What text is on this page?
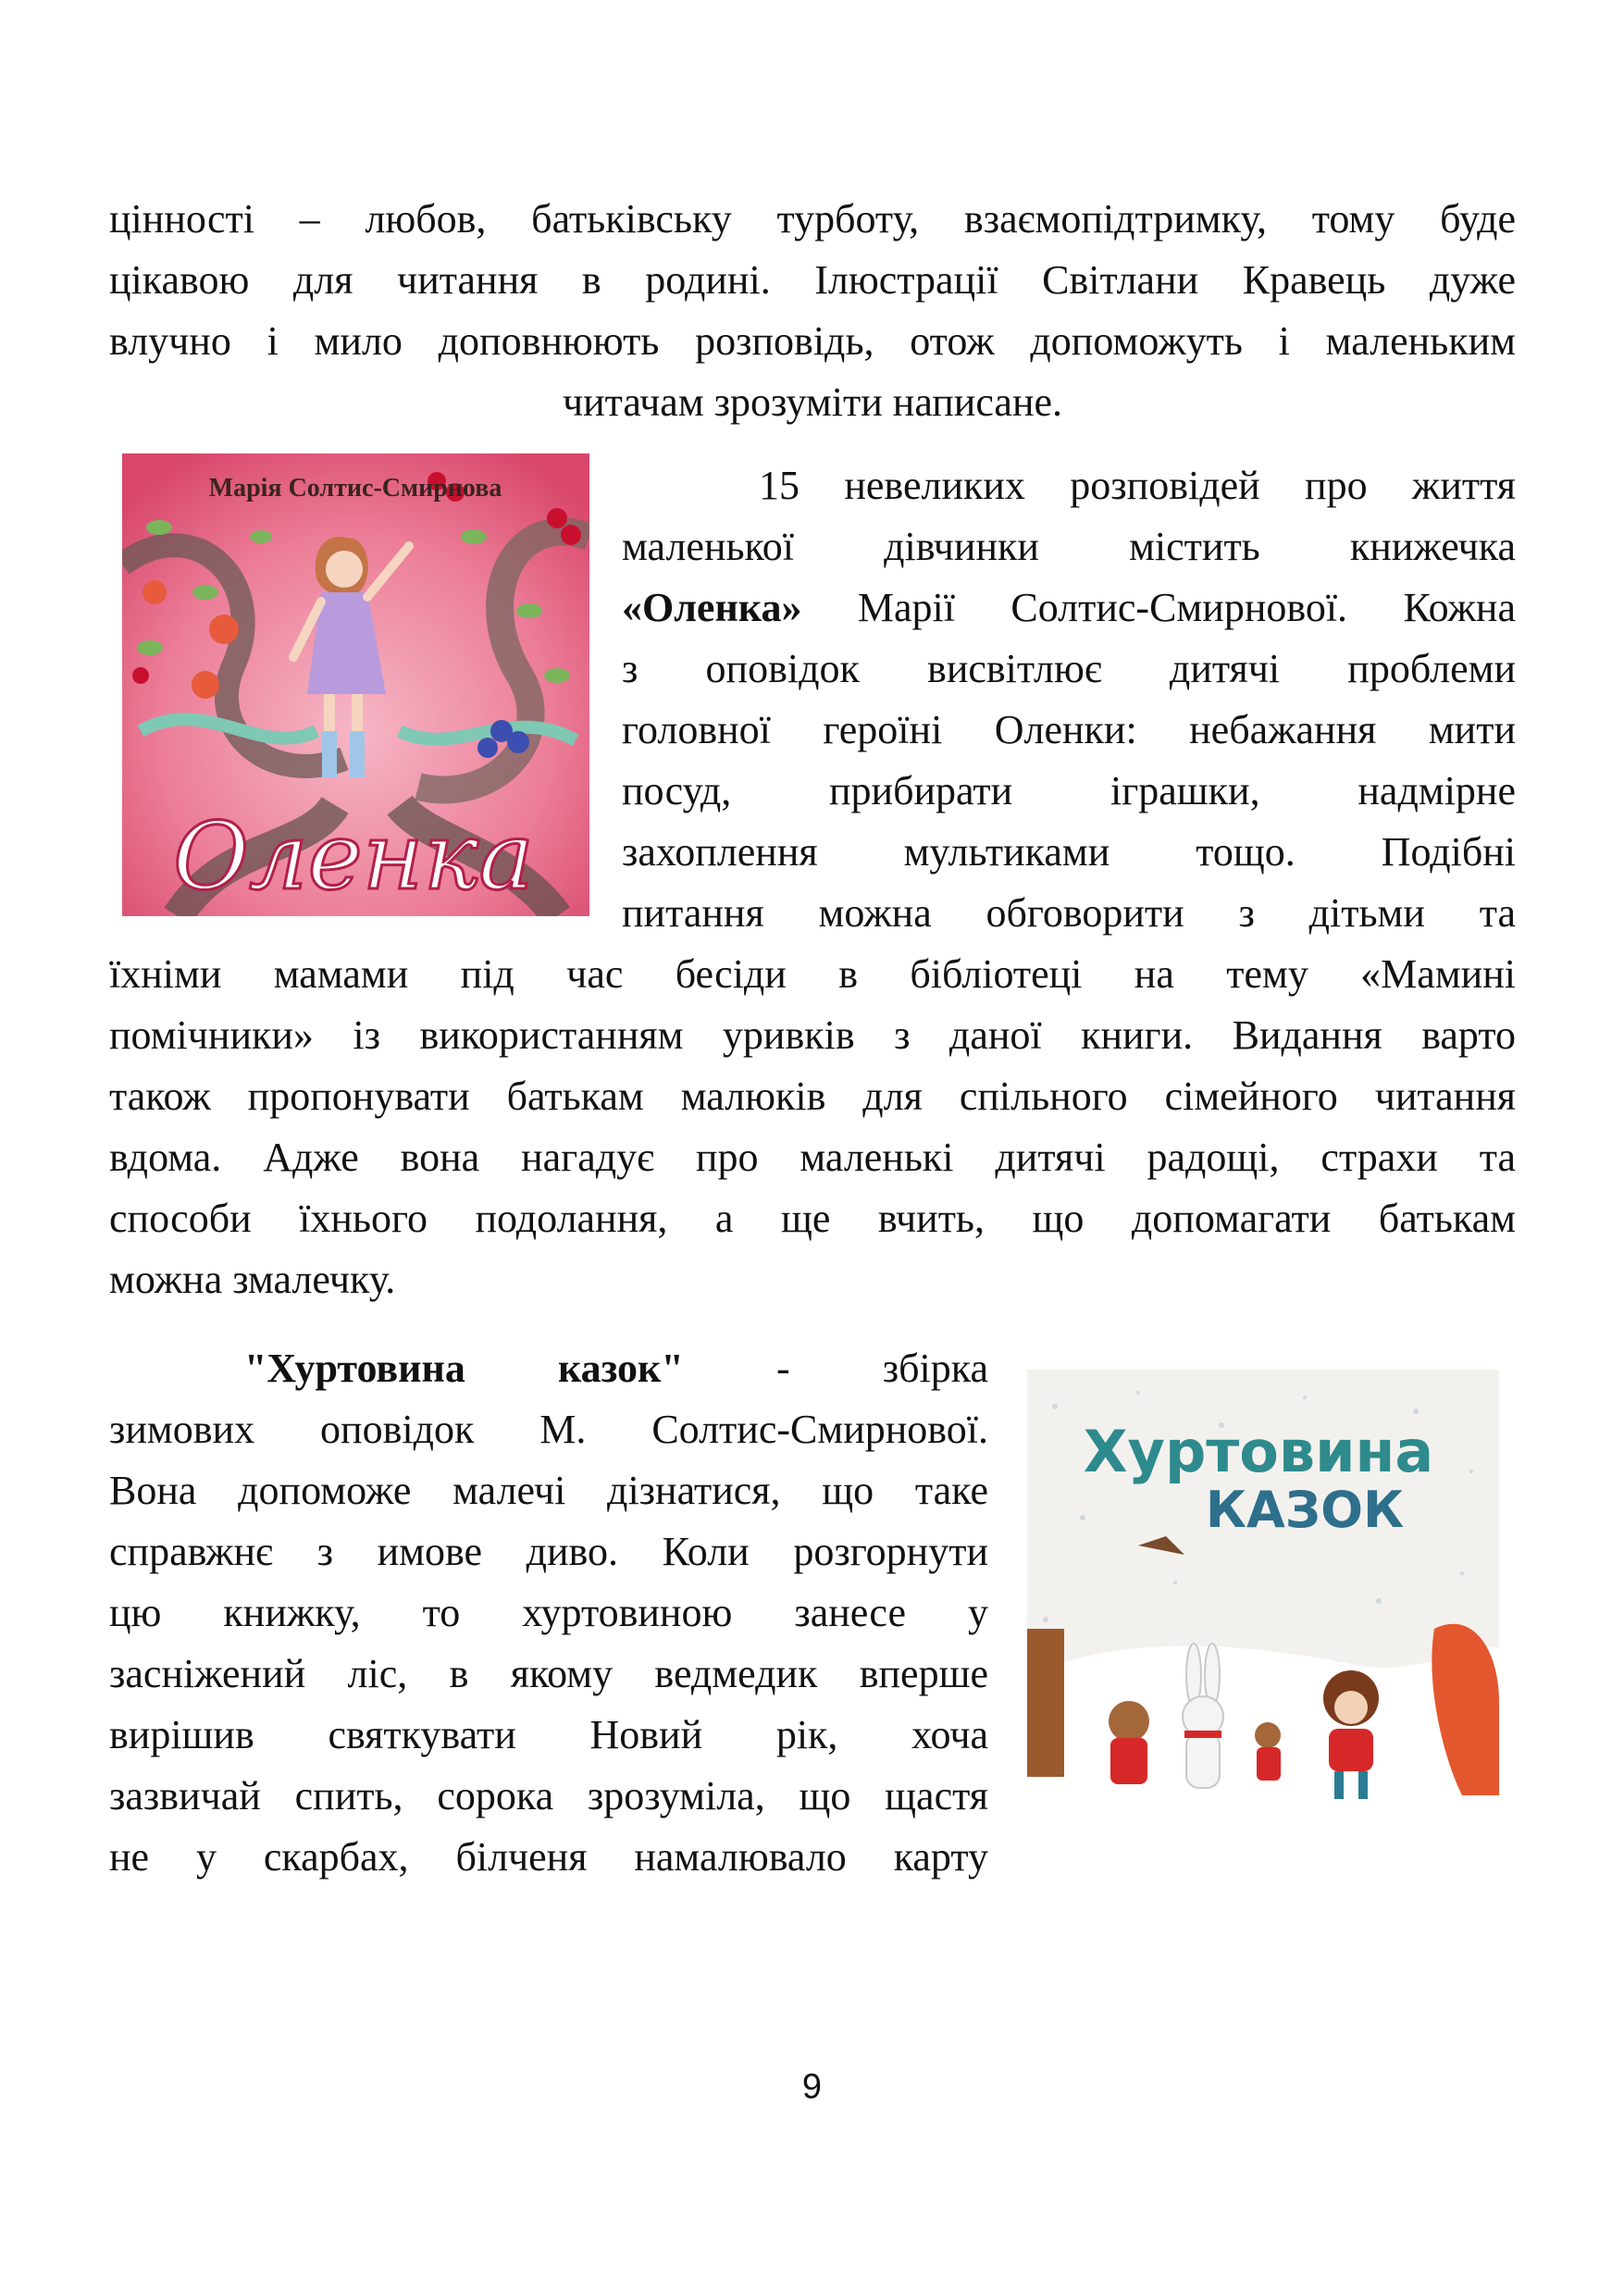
цінності – любов, батьківську турботу, взаємопідтримку, тому буде
цікавою для читання в родині. Ілюстрації Світлани Кравець дуже
влучно і мило доповнюють розповідь, отож допоможуть і маленьким
читачам зрозуміти написане.
Марія Солтис-Смирнова
Оленка
15 невеликих розповідей про життя
маленької дівчинки містить книжечка
«Оленка» Марії Солтис-Смирнової. Кожна
з оповідок висвітлює дитячі проблеми
головної героїні Оленки: небажання мити
посуд, прибирати іграшки, надмірне
захоплення мультиками тощо. Подібні
питання можна обговорити з дітьми та
їхніми мамами під час бесіди в бібліотеці на тему «Мамині
помічники» із використанням уривків з даної книги. Видання варто
також пропонувати батькам малюків для спільного сімейного читання
вдома. Адже вона нагадує про маленькі дитячі радощі, страхи та
способи їхнього подолання, а ще вчить, що допомагати батькам
можна змалечку.
"Хуртовина казок" - збірка
зимових оповідок М. Солтис-Смирнової.
Вона допоможе малечі дізнатися, що таке
справжнє з имове диво. Коли розгорнути
цю книжку, то хуртовиною занесе у
засніжений ліс, в якому ведмедик вперше
вирішив святкувати Новий рік, хоча
зазвичай спить, сорока зрозуміла, що щастя
не у скарбах, білченя намалювало карту
Хуртовина
КАЗОК
9
